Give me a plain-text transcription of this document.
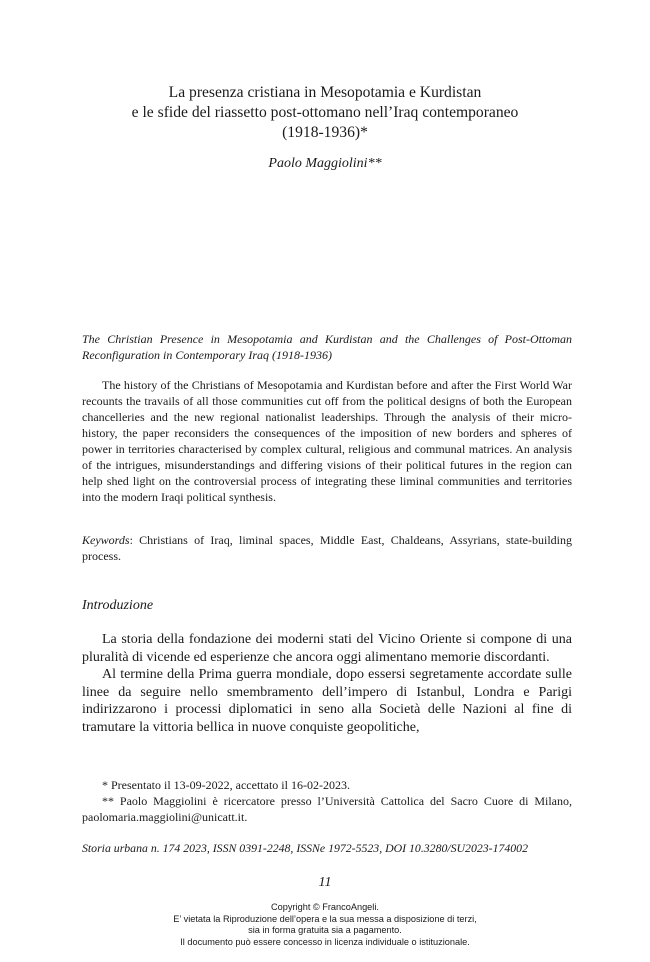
La presenza cristiana in Mesopotamia e Kurdistan
e le sfide del riassetto post-ottomano nell’Iraq contemporaneo
(1918-1936)*
Paolo Maggiolini**
The Christian Presence in Mesopotamia and Kurdistan and the Challenges of Post-Ottoman Reconfiguration in Contemporary Iraq (1918-1936)
The history of the Christians of Mesopotamia and Kurdistan before and after the First World War recounts the travails of all those communities cut off from the political designs of both the European chancelleries and the new regional nationalist leaderships. Through the analysis of their micro-history, the paper reconsiders the consequences of the imposition of new borders and spheres of power in territories characterised by complex cultural, religious and communal matrices. An analysis of the intrigues, misunderstandings and differing visions of their political futures in the region can help shed light on the controversial process of integrating these liminal communities and territories into the modern Iraqi political synthesis.
Keywords: Christians of Iraq, liminal spaces, Middle East, Chaldeans, Assyrians, state-building process.
Introduzione

La storia della fondazione dei moderni stati del Vicino Oriente si compone di una pluralità di vicende ed esperienze che ancora oggi alimentano memorie discordanti.

Al termine della Prima guerra mondiale, dopo essersi segretamente accordate sulle linee da seguire nello smembramento dell’impero di Istanbul, Londra e Parigi indirizzarono i processi diplomatici in seno alla Società delle Nazioni al fine di tramutare la vittoria bellica in nuove conquiste geopolitiche,

* Presentato il 13-09-2022, accettato il 16-02-2023.

** Paolo Maggiolini è ricercatore presso l’Università Cattolica del Sacro Cuore di Milano, paolomaria.maggiolini@unicatt.it.

Storia urbana n. 174 2023, ISSN 0391-2248, ISSNe 1972-5523, DOI 10.3280/SU2023-174002
11
Copyright © FrancoAngeli.
E’ vietata la Riproduzione dell’opera e la sua messa a disposizione di terzi,
sia in forma gratuita sia a pagamento.
Il documento può essere concesso in licenza individuale o istituzionale.
